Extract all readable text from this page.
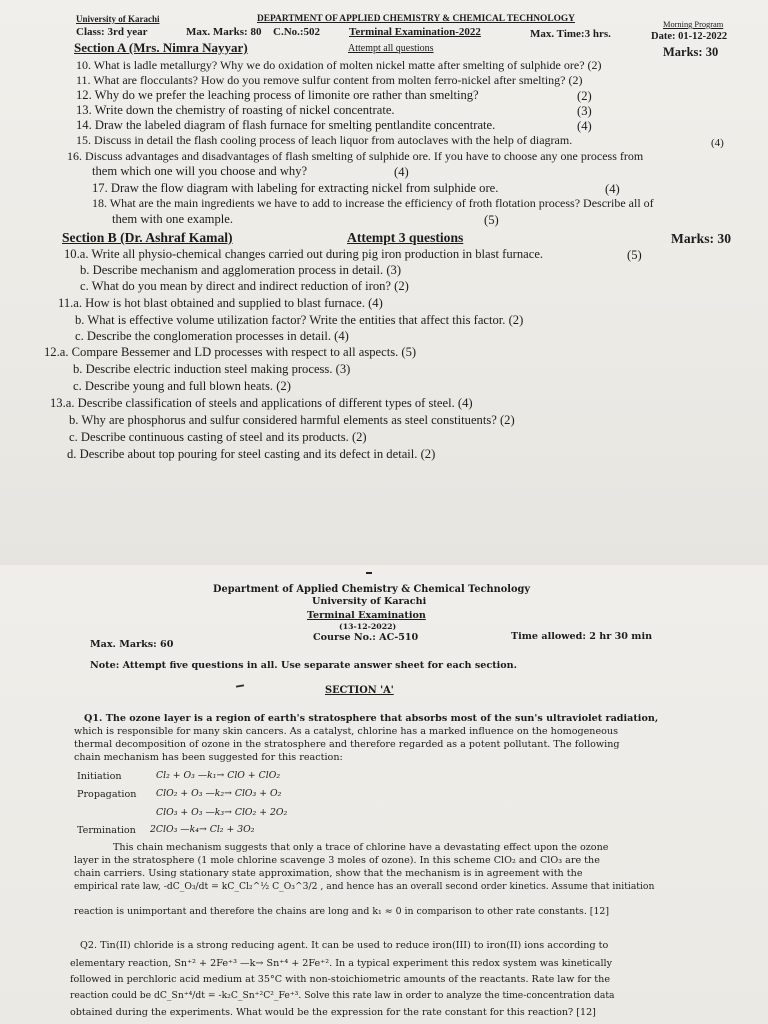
University of Karachi	DEPARTMENT OF APPLIED CHEMISTRY & CHEMICAL TECHNOLOGY
Morning Program
Class: 3rd year	Max. Marks: 80 C.No.:502	Terminal Examination-2022	Max. Time:3 hrs.	Date: 01-12-2022
Section A (Mrs. Nimra Nayyar)	Attempt all questions	Marks: 30
10. What is ladle metallurgy? Why we do oxidation of molten nickel matte after smelting of sulphide ore? (2)
11. What are flocculants? How do you remove sulfur content from molten ferro-nickel after smelting? (2)
12. Why do we prefer the leaching process of limonite ore rather than smelting?	(2)
13. Write down the chemistry of roasting of nickel concentrate.	(3)
14. Draw the labeled diagram of flash furnace for smelting pentlandite concentrate.	(4)
15. Discuss in detail the flash cooling process of leach liquor from autoclaves with the help of diagram.	(4)
16. Discuss advantages and disadvantages of flash smelting of sulphide ore. If you have to choose any one process from
them which one will you choose and why?	(4)
17. Draw the flow diagram with labeling for extracting nickel from sulphide ore.	(4)
18. What are the main ingredients we have to add to increase the efficiency of froth flotation process? Describe all of
them with one example.	(5)
Section B (Dr. Ashraf Kamal)	Attempt 3 questions	Marks: 30
10.a. Write all physio-chemical changes carried out during pig iron production in blast furnace.	(5)
b. Describe mechanism and agglomeration process in detail. (3)
c. What do you mean by direct and indirect reduction of iron? (2)
11.a. How is hot blast obtained and supplied to blast furnace. (4)
b. What is effective volume utilization factor? Write the entities that affect this factor. (2)
c. Describe the conglomeration processes in detail. (4)
12.a. Compare Bessemer and LD processes with respect to all aspects. (5)
b. Describe electric induction steel making process. (3)
c. Describe young and full blown heats. (2)
13.a. Describe classification of steels and applications of different types of steel. (4)
b. Why are phosphorus and sulfur considered harmful elements as steel constituents? (2)
c. Describe continuous casting of steel and its products. (2)
d. Describe about top pouring for steel casting and its defect in detail. (2)
Department of Applied Chemistry & Chemical Technology
University of Karachi
Terminal Examination
(13-12-2022)
Max. Marks: 60
Course No.: AC-510	Time allowed: 2 hr 30 min
Note: Attempt five questions in all. Use separate answer sheet for each section.
SECTION 'A'
Q1. The ozone layer is a region of earth's stratosphere that absorbs most of the sun's ultraviolet radiation,
which is responsible for many skin cancers. As a catalyst, chlorine has a marked influence on the homogeneous
thermal decomposition of ozone in the stratosphere and therefore regarded as a potent pollutant. The following
chain mechanism has been suggested for this reaction:
Initiation	Cl₂ + O₃ —k₁→ ClO + ClO₂
Propagation ClO₂ + O₃ —k₂→ ClO₃ + O₂
ClO₃ + O₃ —k₃→ ClO₂ + 2O₂
Termination 2ClO₃ —k₄→ Cl₂ + 3O₂
This chain mechanism suggests that only a trace of chlorine have a devastating effect upon the ozone
layer in the stratosphere (1 mole chlorine scavenge 3 moles of ozone). In this scheme ClO₂ and ClO₃ are the
chain carriers. Using stationary state approximation, show that the mechanism is in agreement with the
empirical rate law, -dC_O₃/dt = kC_Cl₂^½ C_O₃^3/2 , and hence has an overall second order kinetics. Assume that initiation
reaction is unimportant and therefore the chains are long and k₁ ≈ 0 in comparison to other rate constants. [12]
Q2. Tin(II) chloride is a strong reducing agent. It can be used to reduce iron(III) to iron(II) ions according to
elementary reaction, Sn⁺² + 2Fe⁺³ —k→ Sn⁺⁴ + 2Fe⁺². In a typical experiment this redox system was kinetically
followed in perchloric acid medium at 35°C with non-stoichiometric amounts of the reactants. Rate law for the
reaction could be dC_Sn⁺⁴/dt = -k₂C_Sn⁺²C²_Fe⁺³. Solve this rate law in order to analyze the time-concentration data
obtained during the experiments. What would be the expression for the rate constant for this reaction? [12]
